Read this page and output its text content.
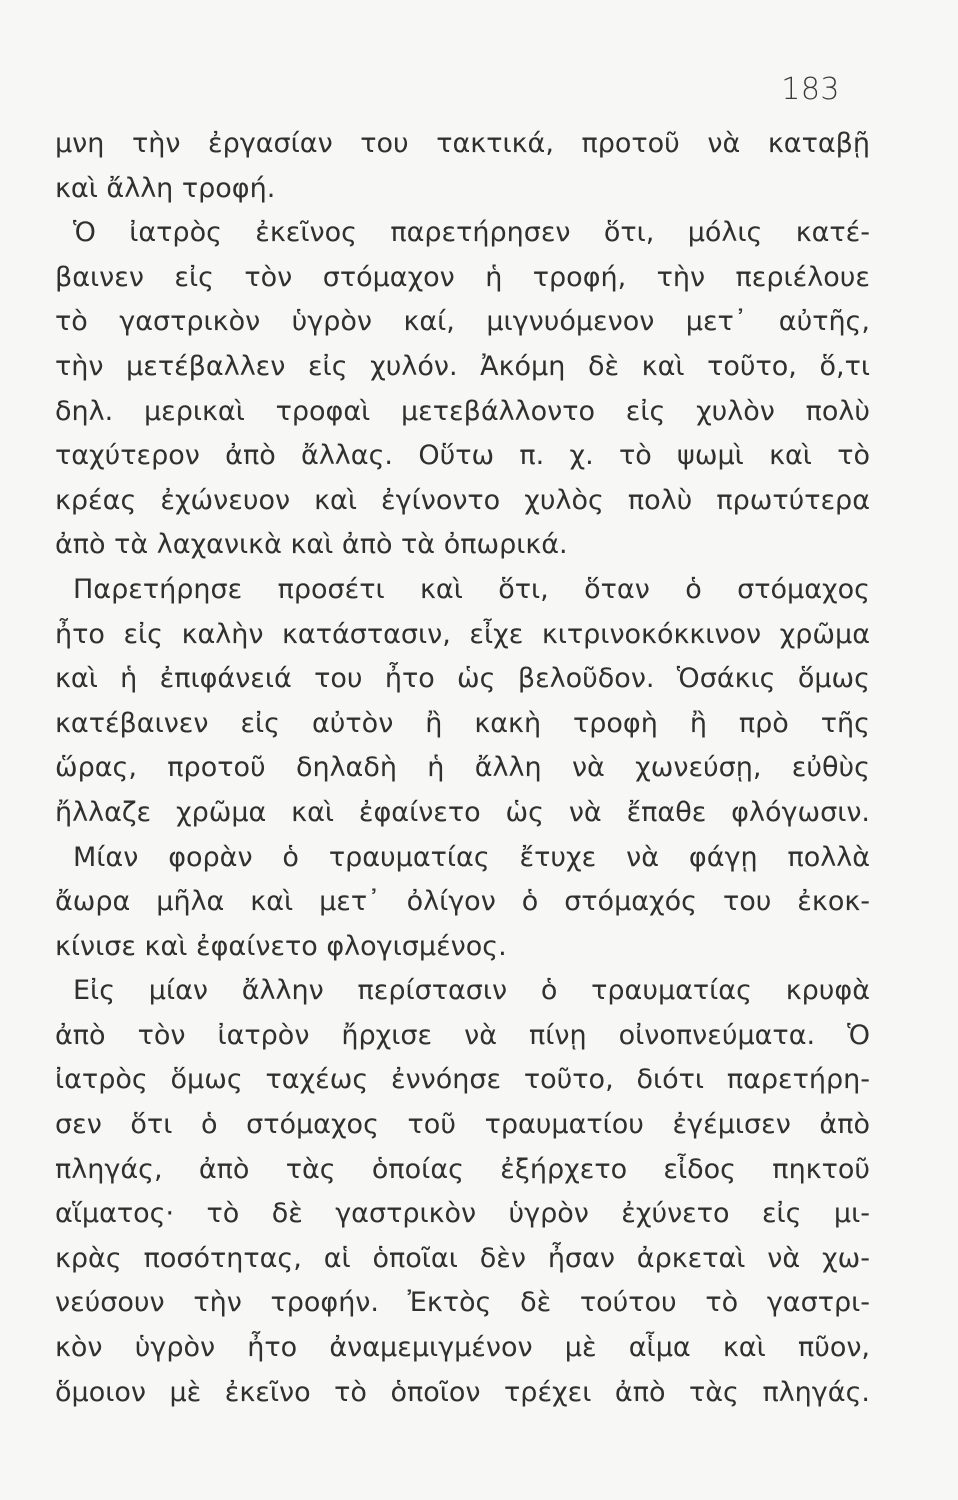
183
μνη τὴν ἐργασίαν του τακτικά, προτοῦ νὰ καταβῇ
καὶ ἄλλη τροφή.
Ὁ ἰατρὸς ἐκεῖνος παρετήρησεν ὅτι, μόλις κατέ-
βαινεν εἰς τὸν στόμαχον ἡ τροφή, τὴν περιέλουε
τὸ γαστρικὸν ὑγρὸν καί, μιγνυόμενον μετ᾿ αὐτῆς,
τὴν μετέβαλλεν εἰς χυλόν. Ἀκόμη δὲ καὶ τοῦτο, ὅ,τι
δηλ. μερικαὶ τροφαὶ μετεβάλλοντο εἰς χυλὸν πολὺ
ταχύτερον ἀπὸ ἄλλας. Οὕτω π. χ. τὸ ψωμὶ καὶ τὸ
κρέας ἐχώνευον καὶ ἐγίνοντο χυλὸς πολὺ πρωτύτερα
ἀπὸ τὰ λαχανικὰ καὶ ἀπὸ τὰ ὀπωρικά.
Παρετήρησε προσέτι καὶ ὅτι, ὅταν ὁ στόμαχος
ἦτο εἰς καλὴν κατάστασιν, εἶχε κιτρινοκόκκινον χρῶμα
καὶ ἡ ἐπιφάνειά του ἦτο ὡς βελοῦδον. Ὁσάκις ὅμως
κατέβαινεν εἰς αὐτὸν ἢ κακὴ τροφὴ ἢ πρὸ τῆς
ὥρας, προτοῦ δηλαδὴ ἡ ἄλλη νὰ χωνεύσῃ, εὐθὺς
ἤλλαζε χρῶμα καὶ ἐφαίνετο ὡς νὰ ἔπαθε φλόγωσιν.
Μίαν φορὰν ὁ τραυματίας ἔτυχε νὰ φάγῃ πολλὰ
ἄωρα μῆλα καὶ μετ᾿ ὀλίγον ὁ στόμαχός του ἐκοκ-
κίνισε καὶ ἐφαίνετο φλογισμένος.
Εἰς μίαν ἄλλην περίστασιν ὁ τραυματίας κρυφὰ
ἀπὸ τὸν ἰατρὸν ἤρχισε νὰ πίνῃ οἰνοπνεύματα. Ὁ
ἰατρὸς ὅμως ταχέως ἐννόησε τοῦτο, διότι παρετήρη-
σεν ὅτι ὁ στόμαχος τοῦ τραυματίου ἐγέμισεν ἀπὸ
πληγάς, ἀπὸ τὰς ὁποίας ἐξήρχετο εἶδος πηκτοῦ
αἵματος· τὸ δὲ γαστρικὸν ὑγρὸν ἐχύνετο εἰς μι-
κρὰς ποσότητας, αἱ ὁποῖαι δὲν ἦσαν ἀρκεταὶ νὰ χω-
νεύσουν τὴν τροφήν. Ἐκτὸς δὲ τούτου τὸ γαστρι-
κὸν ὑγρὸν ἦτο ἀναμεμιγμένον μὲ αἷμα καὶ πῦον,
ὅμοιον μὲ ἐκεῖνο τὸ ὁποῖον τρέχει ἀπὸ τὰς πληγάς.
